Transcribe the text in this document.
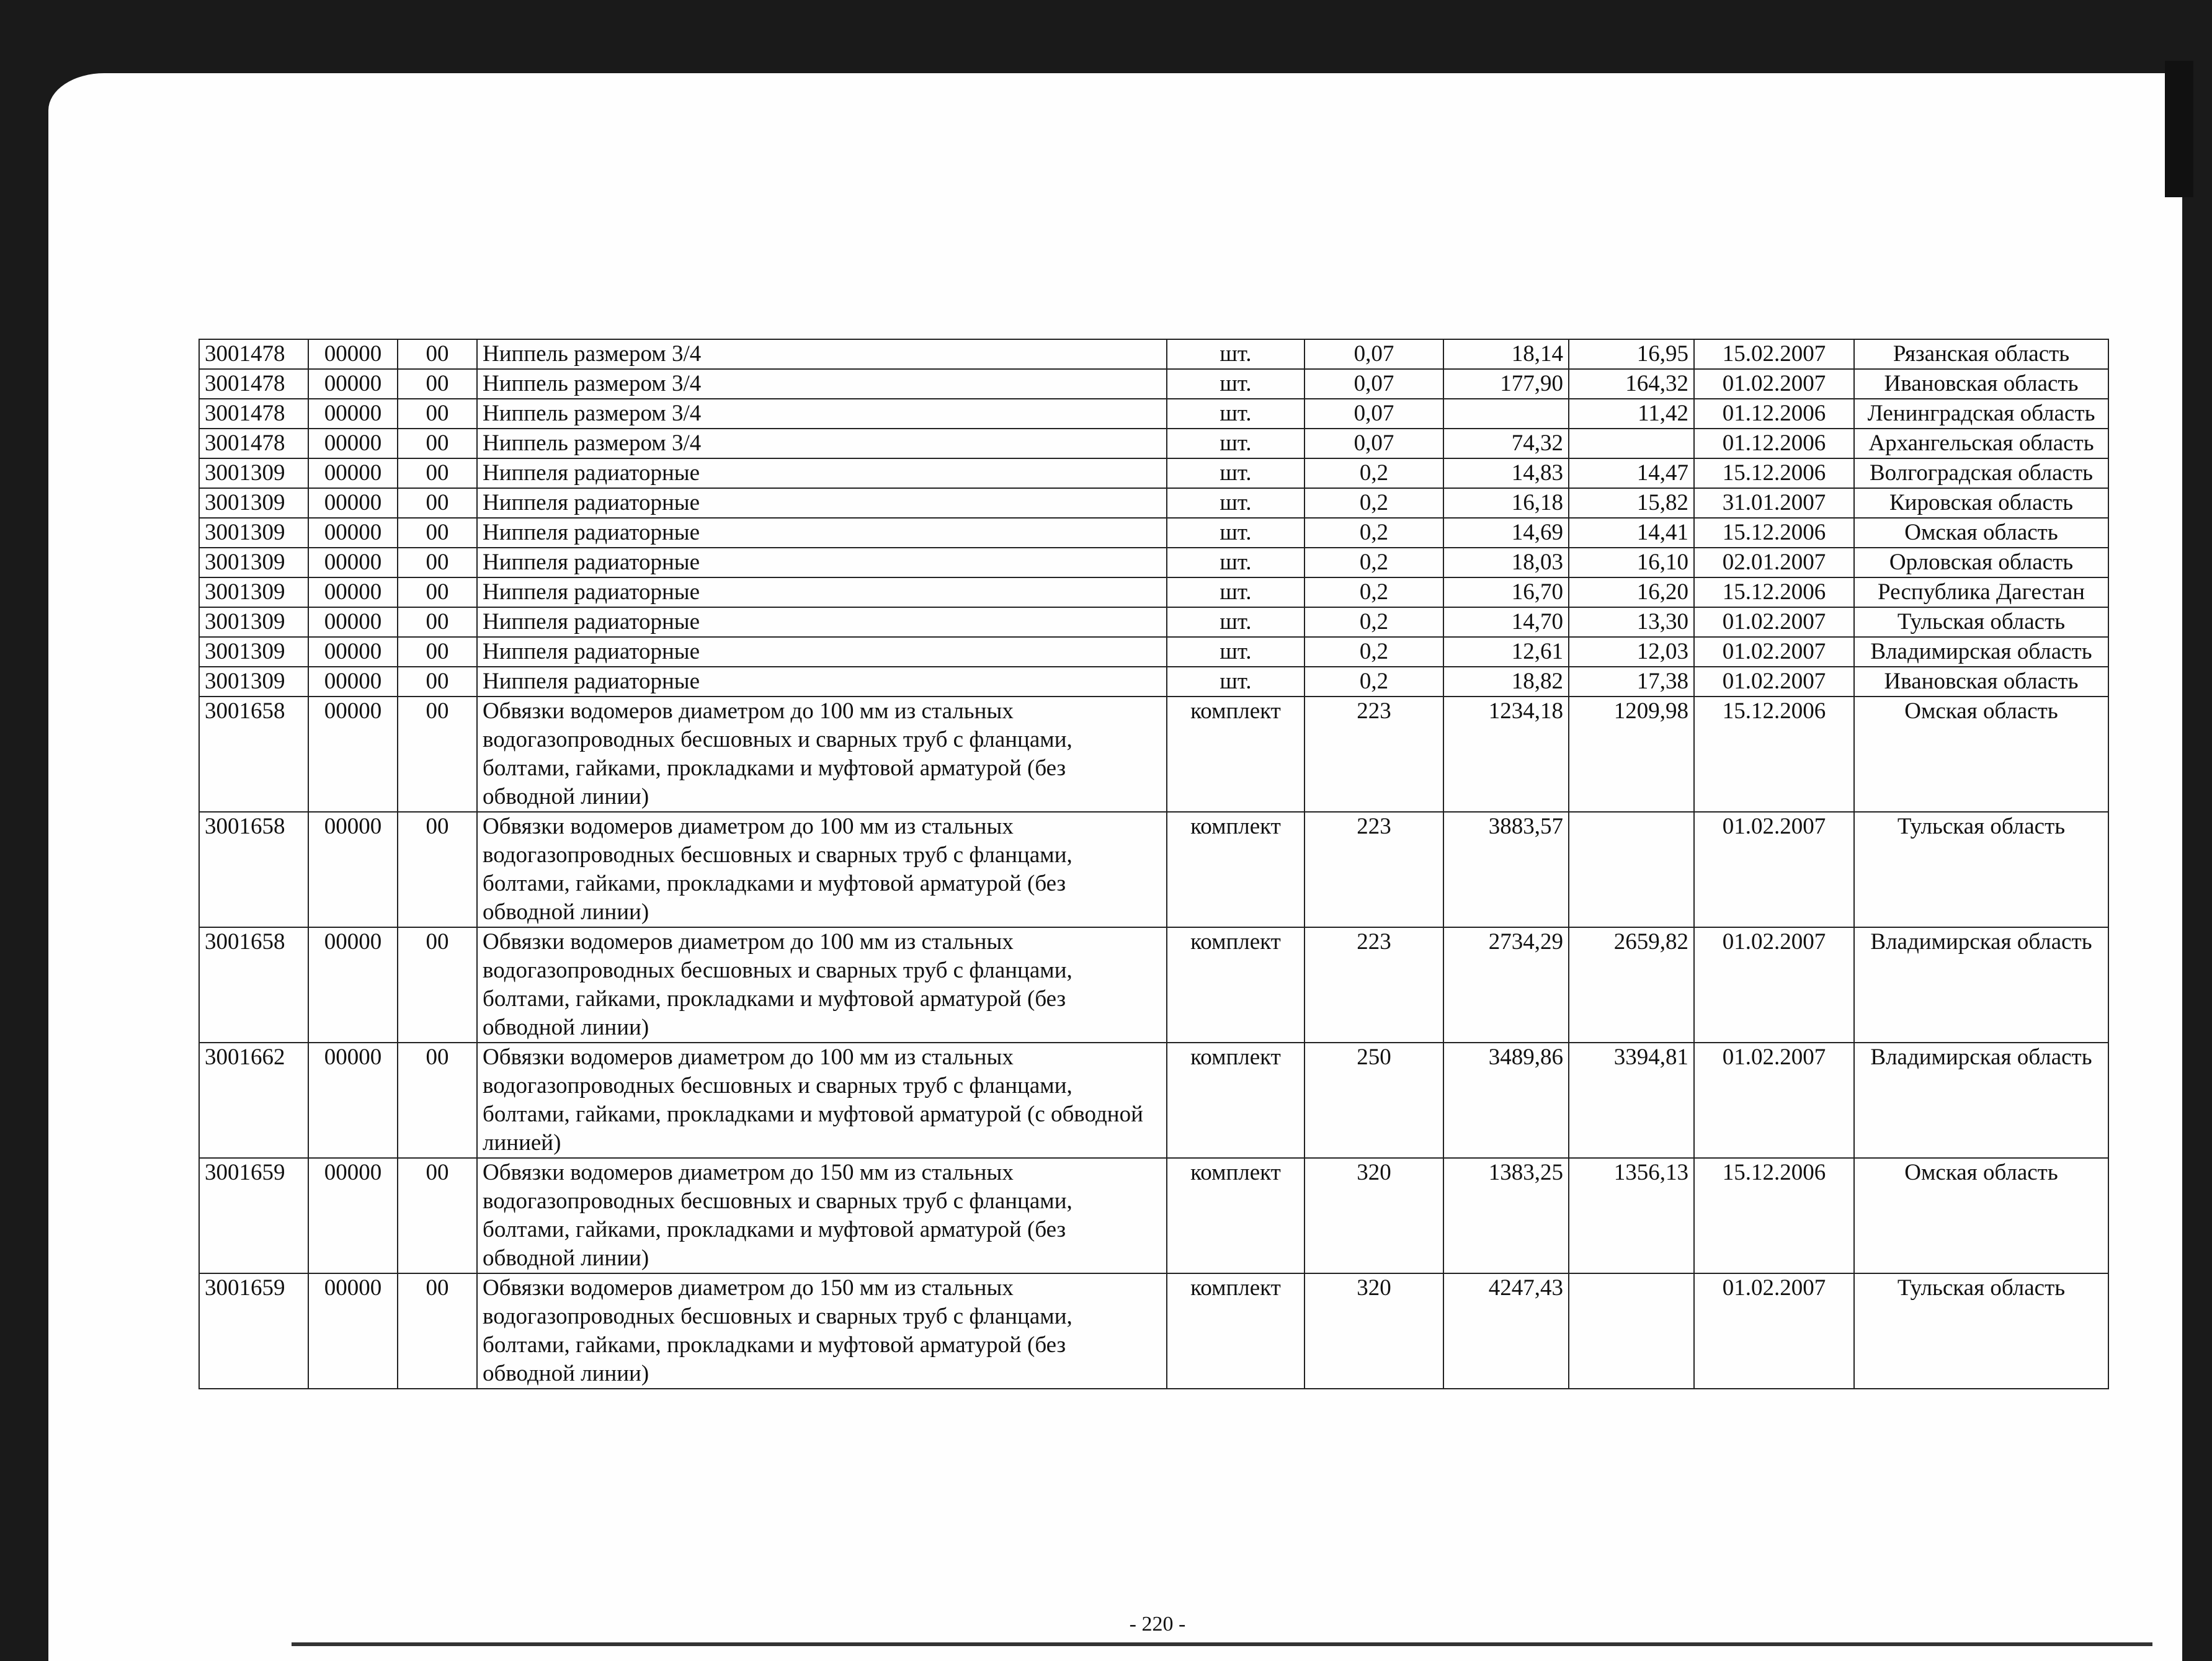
3001478	00000	00	Ниппель размером 3/4	шт.	0,07	18,14	16,95	15.02.2007	Рязанская область
3001478	00000	00	Ниппель размером 3/4	шт.	0,07	177,90	164,32	01.02.2007	Ивановская область
3001478	00000	00	Ниппель размером 3/4	шт.	0,07		11,42	01.12.2006	Ленинградская область
3001478	00000	00	Ниппель размером 3/4	шт.	0,07	74,32		01.12.2006	Архангельская область
3001309	00000	00	Ниппеля радиаторные	шт.	0,2	14,83	14,47	15.12.2006	Волгоградская область
3001309	00000	00	Ниппеля радиаторные	шт.	0,2	16,18	15,82	31.01.2007	Кировская область
3001309	00000	00	Ниппеля радиаторные	шт.	0,2	14,69	14,41	15.12.2006	Омская область
3001309	00000	00	Ниппеля радиаторные	шт.	0,2	18,03	16,10	02.01.2007	Орловская область
3001309	00000	00	Ниппеля радиаторные	шт.	0,2	16,70	16,20	15.12.2006	Республика Дагестан
3001309	00000	00	Ниппеля радиаторные	шт.	0,2	14,70	13,30	01.02.2007	Тульская область
3001309	00000	00	Ниппеля радиаторные	шт.	0,2	12,61	12,03	01.02.2007	Владимирская область
3001309	00000	00	Ниппеля радиаторные	шт.	0,2	18,82	17,38	01.02.2007	Ивановская область
3001658	00000	00	Обвязки водомеров диаметром до 100 мм из стальных водогазопроводных бесшовных и сварных труб с фланцами, болтами, гайками, прокладками и муфтовой арматурой (без обводной линии)	комплект	223	1234,18	1209,98	15.12.2006	Омская область
3001658	00000	00	Обвязки водомеров диаметром до 100 мм из стальных водогазопроводных бесшовных и сварных труб с фланцами, болтами, гайками, прокладками и муфтовой арматурой (без обводной линии)	комплект	223	3883,57		01.02.2007	Тульская область
3001658	00000	00	Обвязки водомеров диаметром до 100 мм из стальных водогазопроводных бесшовных и сварных труб с фланцами, болтами, гайками, прокладками и муфтовой арматурой (без обводной линии)	комплект	223	2734,29	2659,82	01.02.2007	Владимирская область
3001662	00000	00	Обвязки водомеров диаметром до 100 мм из стальных водогазопроводных бесшовных и сварных труб с фланцами, болтами, гайками, прокладками и муфтовой арматурой (с обводной линией)	комплект	250	3489,86	3394,81	01.02.2007	Владимирская область
3001659	00000	00	Обвязки водомеров диаметром до 150 мм из стальных водогазопроводных бесшовных и сварных труб с фланцами, болтами, гайками, прокладками и муфтовой арматурой (без обводной линии)	комплект	320	1383,25	1356,13	15.12.2006	Омская область
3001659	00000	00	Обвязки водомеров диаметром до 150 мм из стальных водогазопроводных бесшовных и сварных труб с фланцами, болтами, гайками, прокладками и муфтовой арматурой (без обводной линии)	комплект	320	4247,43		01.02.2007	Тульская область
- 220 -
